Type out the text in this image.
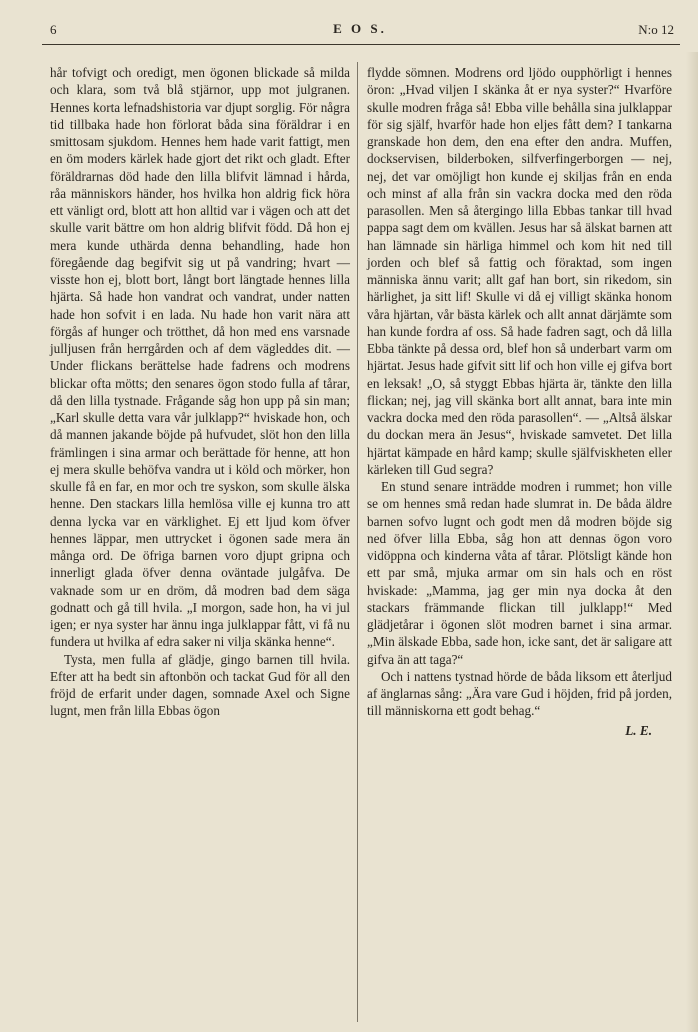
6	E O S.	N:o 12

hår tofvigt och oredigt, men ögonen blickade så milda och klara, som två blå stjärnor, upp mot julgranen. Hennes korta lefnadshistoria var djupt sorglig. För några tid tillbaka hade hon förlorat båda sina föräldrar i en smittosam sjukdom. Hennes hem hade varit fattigt, men en öm moders kärlek hade gjort det rikt och gladt. Efter föräldrarnas död hade den lilla blifvit lämnad i hårda, råa människors händer, hos hvilka hon aldrig fick höra ett vänligt ord, blott att hon alltid var i vägen och att det skulle varit bättre om hon aldrig blifvit född. Då hon ej mera kunde uthärda denna behandling, hade hon föregående dag begifvit sig ut på vandring; hvart — visste hon ej, blott bort, långt bort längtade hennes lilla hjärta. Så hade hon vandrat och vandrat, under natten hade hon sofvit i en lada. Nu hade hon varit nära att förgås af hunger och trötthet, då hon med ens varsnade julljusen från herrgården och af dem vägleddes dit. — Under flickans berättelse hade fadrens och modrens blickar ofta mötts; den senares ögon stodo fulla af tårar, då den lilla tystnade. Frågande såg hon upp på sin man; „Karl skulle detta vara vår julklapp?“ hviskade hon, och då mannen jakande böjde på hufvudet, slöt hon den lilla främlingen i sina armar och berättade för henne, att hon ej mera skulle behöfva vandra ut i köld och mörker, hon skulle få en far, en mor och tre syskon, som skulle älska henne. Den stackars lilla hemlösa ville ej kunna tro att denna lycka var en värklighet. Ej ett ljud kom öfver hennes läppar, men uttrycket i ögonen sade mera än många ord. De öfriga barnen voro djupt gripna och innerligt glada öfver denna oväntade julgåfva. De vaknade som ur en dröm, då modren bad dem säga godnatt och gå till hvila. „I morgon, sade hon, ha vi jul igen; er nya syster har ännu inga julklappar fått, vi få nu fundera ut hvilka af edra saker ni vilja skänka henne“.

Tysta, men fulla af glädje, gingo barnen till hvila. Efter att ha bedt sin aftonbön och tackat Gud för all den fröjd de erfarit under dagen, somnade Axel och Signe lugnt, men från lilla Ebbas ögon

flydde sömnen. Modrens ord ljödo oupphörligt i hennes öron: „Hvad viljen I skänka åt er nya syster?“ Hvarföre skulle modren fråga så! Ebba ville behålla sina julklappar för sig själf, hvarför hade hon eljes fått dem? I tankarna granskade hon dem, den ena efter den andra. Muffen, dockservisen, bilderboken, silfverfingerborgen — nej, nej, det var omöjligt hon kunde ej skiljas från en enda och minst af alla från sin vackra docka med den röda parasollen. Men så återgingo lilla Ebbas tankar till hvad pappa sagt dem om kvällen. Jesus har så älskat barnen att han lämnade sin härliga himmel och kom hit ned till jorden och blef så fattig och föraktad, som ingen människa ännu varit; allt gaf han bort, sin rikedom, sin härlighet, ja sitt lif! Skulle vi då ej villigt skänka honom våra hjärtan, vår bästa kärlek och allt annat därjämte som han kunde fordra af oss. Så hade fadren sagt, och då lilla Ebba tänkte på dessa ord, blef hon så underbart varm om hjärtat. Jesus hade gifvit sitt lif och hon ville ej gifva bort en leksak! „O, så styggt Ebbas hjärta är, tänkte den lilla flickan; nej, jag vill skänka bort allt annat, bara inte min vackra docka med den röda parasollen“. — „Altså älskar du dockan mera än Jesus“, hviskade samvetet. Det lilla hjärtat kämpade en hård kamp; skulle själfviskheten eller kärleken till Gud segra?

En stund senare inträdde modren i rummet; hon ville se om hennes små redan hade slumrat in. De båda äldre barnen sofvo lugnt och godt men då modren böjde sig ned öfver lilla Ebba, såg hon att dennas ögon voro vidöppna och kinderna våta af tårar. Plötsligt kände hon ett par små, mjuka armar om sin hals och en röst hviskade: „Mamma, jag ger min nya docka åt den stackars främmande flickan till julklapp!“ Med glädjetårar i ögonen slöt modren barnet i sina armar. „Min älskade Ebba, sade hon, icke sant, det är saligare att gifva än att taga?“

Och i nattens tystnad hörde de båda liksom ett återljud af änglarnas sång: „Ära vare Gud i höjden, frid på jorden, till människorna ett godt behag.“

L. E.
